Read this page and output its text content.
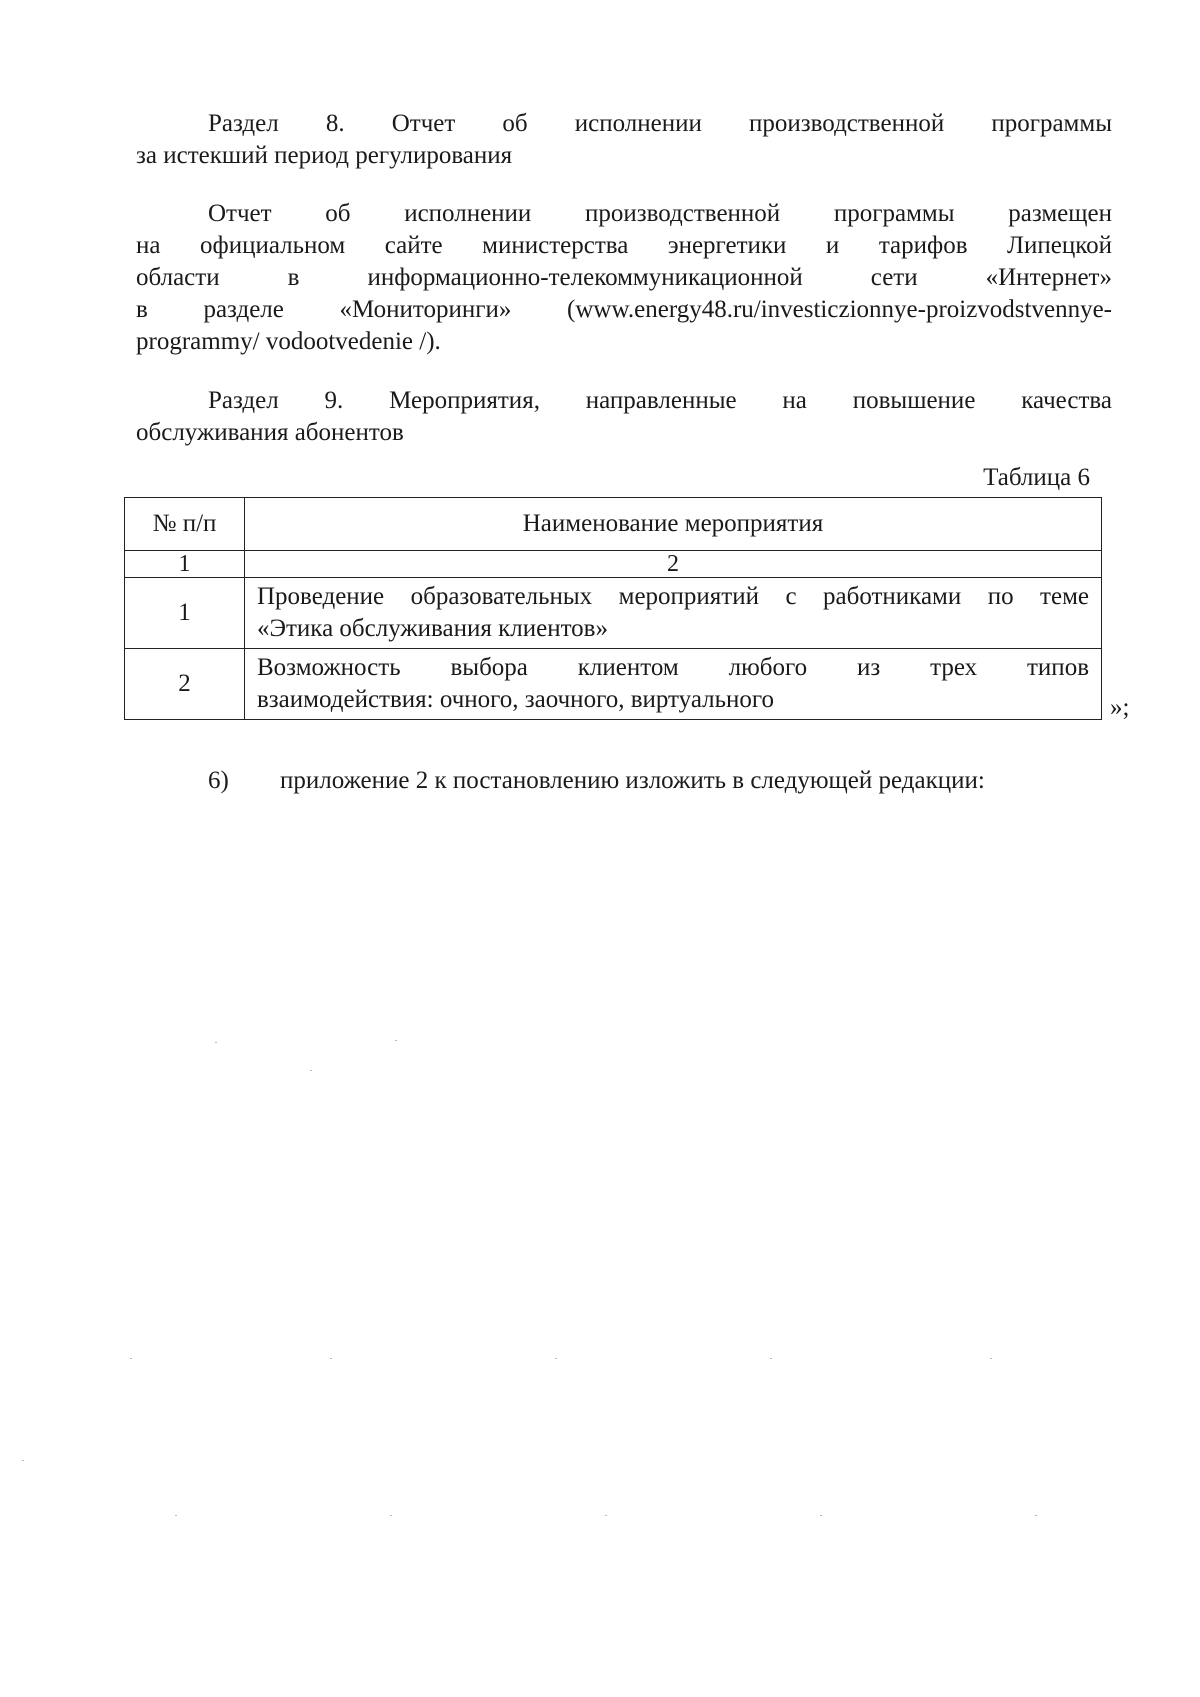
Раздел 8. Отчет об исполнении производственной программы
за истекший период регулирования
Отчет об исполнении производственной программы размещен
на официальном сайте министерства энергетики и тарифов Липецкой
области в информационно-телекоммуникационной сети «Интернет»
в разделе «Мониторинги» (www.energy48.ru/investiczionnye-proizvodstvennye-
programmy/ vodootvedenie /).
Раздел 9. Мероприятия, направленные на повышение качества
обслуживания абонентов
Таблица 6
№ п/п	Наименование мероприятия
1	2
1	Проведение образовательных мероприятий с работниками по теме
«Этика обслуживания клиентов»

2	Возможность выбора клиентом любого из трех типов
взаимодействия: очного, заочного, виртуального	»;
6) приложение 2 к постановлению изложить в следующей редакции:
